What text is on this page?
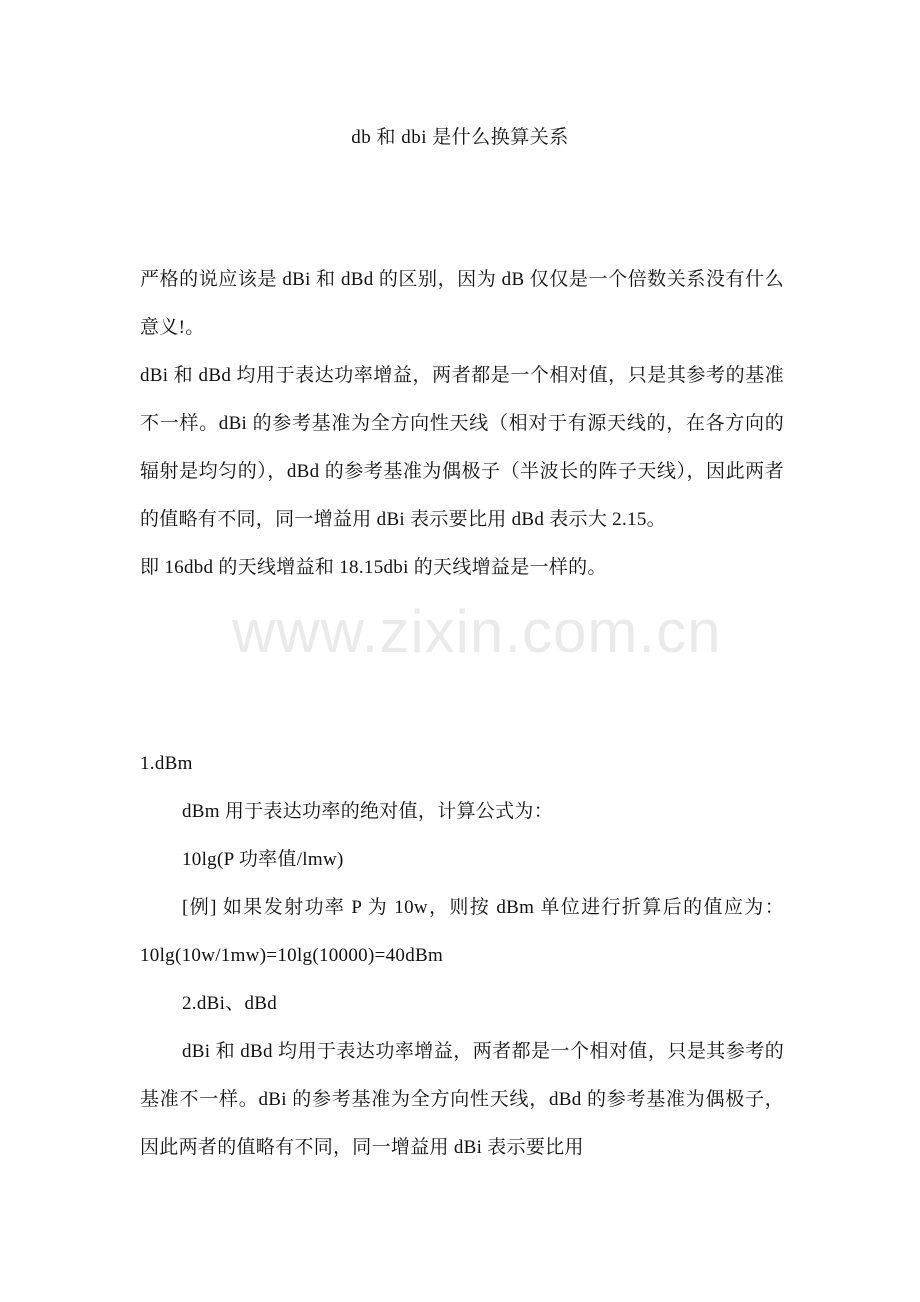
db 和 dbi 是什么换算关系

严格的说应该是 dBi 和 dBd 的区别，因为 dB 仅仅是一个倍数关系没有什么意义!。

dBi 和 dBd 均用于表达功率增益，两者都是一个相对值，只是其参考的基准不一样。dBi 的参考基准为全方向性天线（相对于有源天线的，在各方向的辐射是均匀的），dBd 的参考基准为偶极子（半波长的阵子天线），因此两者的值略有不同，同一增益用 dBi 表示要比用 dBd 表示大 2.15。

即 16dbd 的天线增益和 18.15dbi 的天线增益是一样的。

1.dBm

dBm 用于表达功率的绝对值，计算公式为：

10lg(P 功率值/lmw)

[例] 如果发射功率 P 为 10w，则按 dBm 单位进行折算后的值应为：10lg(10w/1mw)=10lg(10000)=40dBm

2.dBi、dBd

dBi 和 dBd 均用于表达功率增益，两者都是一个相对值，只是其参考的基准不一样。dBi 的参考基准为全方向性天线，dBd 的参考基准为偶极子，因此两者的值略有不同，同一增益用 dBi 表示要比用

www.zixin.com.cn
